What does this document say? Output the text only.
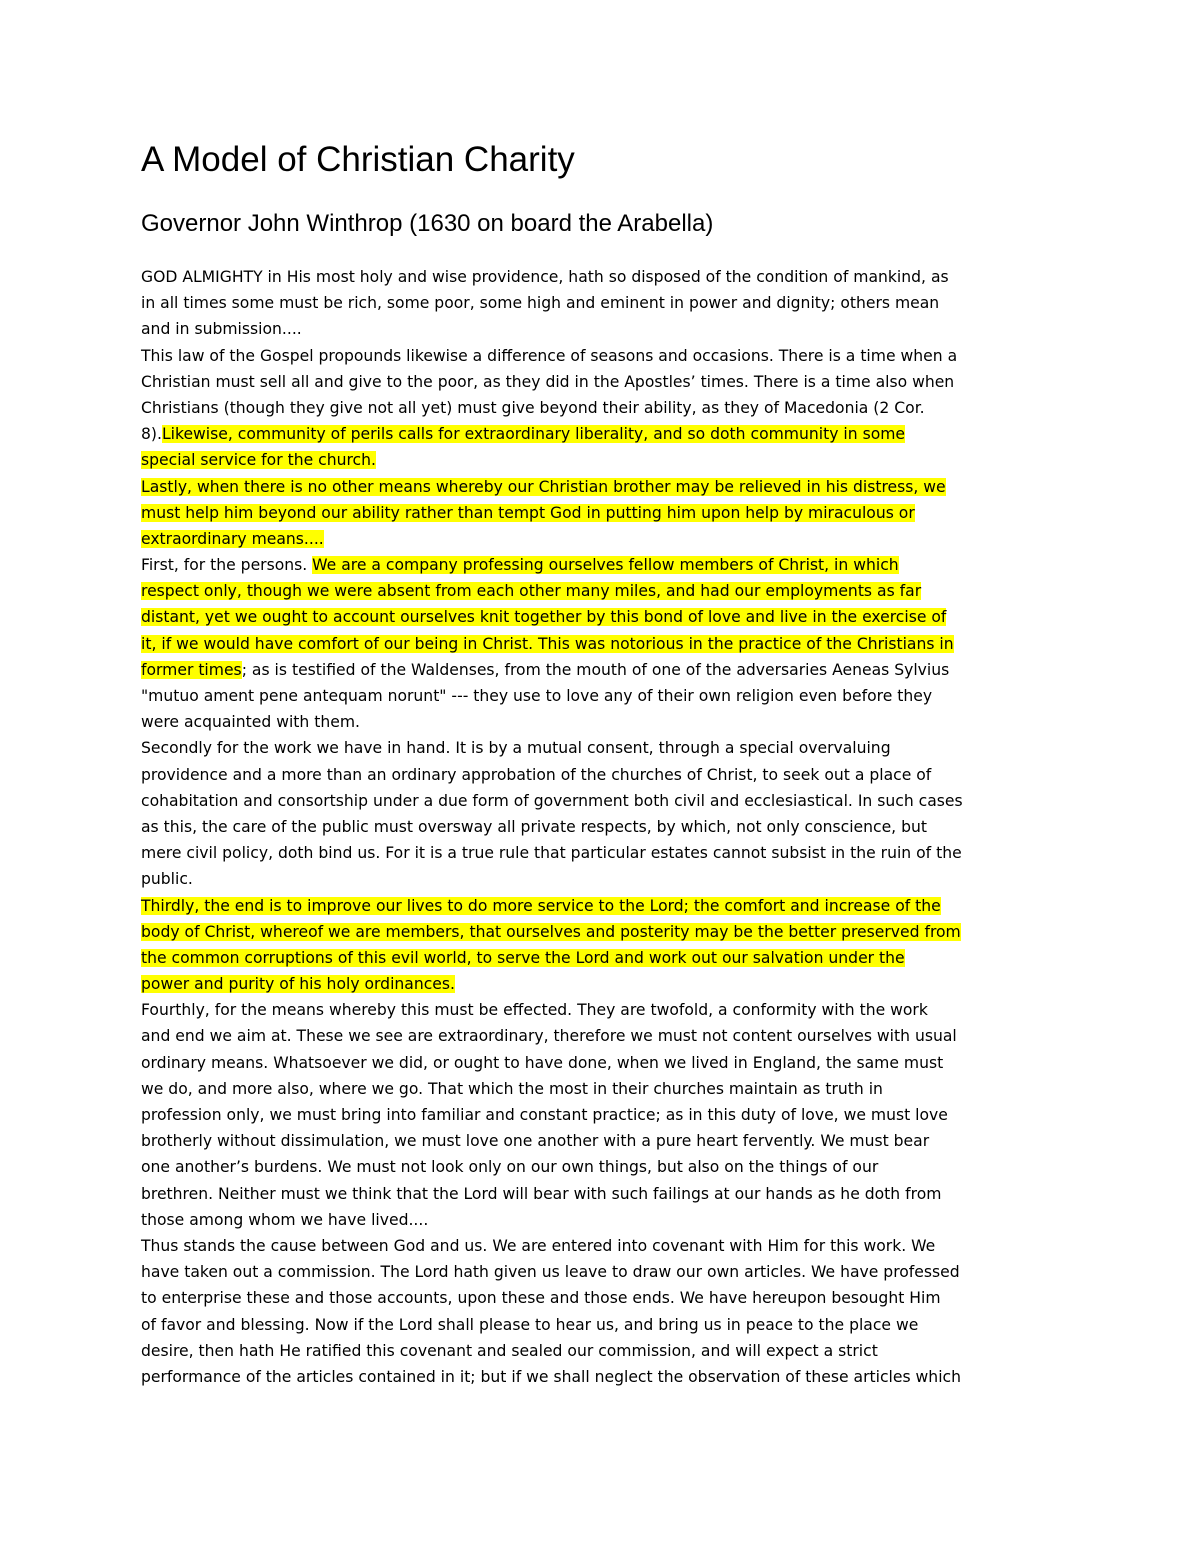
A Model of Christian Charity
Governor John Winthrop (1630 on board the Arabella)
GOD ALMIGHTY in His most holy and wise providence, hath so disposed of the condition of mankind, as
in all times some must be rich, some poor, some high and eminent in power and dignity; others mean
and in submission....
This law of the Gospel propounds likewise a difference of seasons and occasions. There is a time when a
Christian must sell all and give to the poor, as they did in the Apostles’ times. There is a time also when
Christians (though they give not all yet) must give beyond their ability, as they of Macedonia (2 Cor.
8).Likewise, community of perils calls for extraordinary liberality, and so doth community in some
special service for the church.
Lastly, when there is no other means whereby our Christian brother may be relieved in his distress, we
must help him beyond our ability rather than tempt God in putting him upon help by miraculous or
extraordinary means....
First, for the persons. We are a company professing ourselves fellow members of Christ, in which
respect only, though we were absent from each other many miles, and had our employments as far
distant, yet we ought to account ourselves knit together by this bond of love and live in the exercise of
it, if we would have comfort of our being in Christ. This was notorious in the practice of the Christians in
former times; as is testified of the Waldenses, from the mouth of one of the adversaries Aeneas Sylvius
"mutuo ament pene antequam norunt" --- they use to love any of their own religion even before they
were acquainted with them.
Secondly for the work we have in hand. It is by a mutual consent, through a special overvaluing
providence and a more than an ordinary approbation of the churches of Christ, to seek out a place of
cohabitation and consortship under a due form of government both civil and ecclesiastical. In such cases
as this, the care of the public must oversway all private respects, by which, not only conscience, but
mere civil policy, doth bind us. For it is a true rule that particular estates cannot subsist in the ruin of the
public.
Thirdly, the end is to improve our lives to do more service to the Lord; the comfort and increase of the
body of Christ, whereof we are members, that ourselves and posterity may be the better preserved from
the common corruptions of this evil world, to serve the Lord and work out our salvation under the
power and purity of his holy ordinances.
Fourthly, for the means whereby this must be effected. They are twofold, a conformity with the work
and end we aim at. These we see are extraordinary, therefore we must not content ourselves with usual
ordinary means. Whatsoever we did, or ought to have done, when we lived in England, the same must
we do, and more also, where we go. That which the most in their churches maintain as truth in
profession only, we must bring into familiar and constant practice; as in this duty of love, we must love
brotherly without dissimulation, we must love one another with a pure heart fervently. We must bear
one another’s burdens. We must not look only on our own things, but also on the things of our
brethren. Neither must we think that the Lord will bear with such failings at our hands as he doth from
those among whom we have lived....
Thus stands the cause between God and us. We are entered into covenant with Him for this work. We
have taken out a commission. The Lord hath given us leave to draw our own articles. We have professed
to enterprise these and those accounts, upon these and those ends. We have hereupon besought Him
of favor and blessing. Now if the Lord shall please to hear us, and bring us in peace to the place we
desire, then hath He ratified this covenant and sealed our commission, and will expect a strict
performance of the articles contained in it; but if we shall neglect the observation of these articles which
